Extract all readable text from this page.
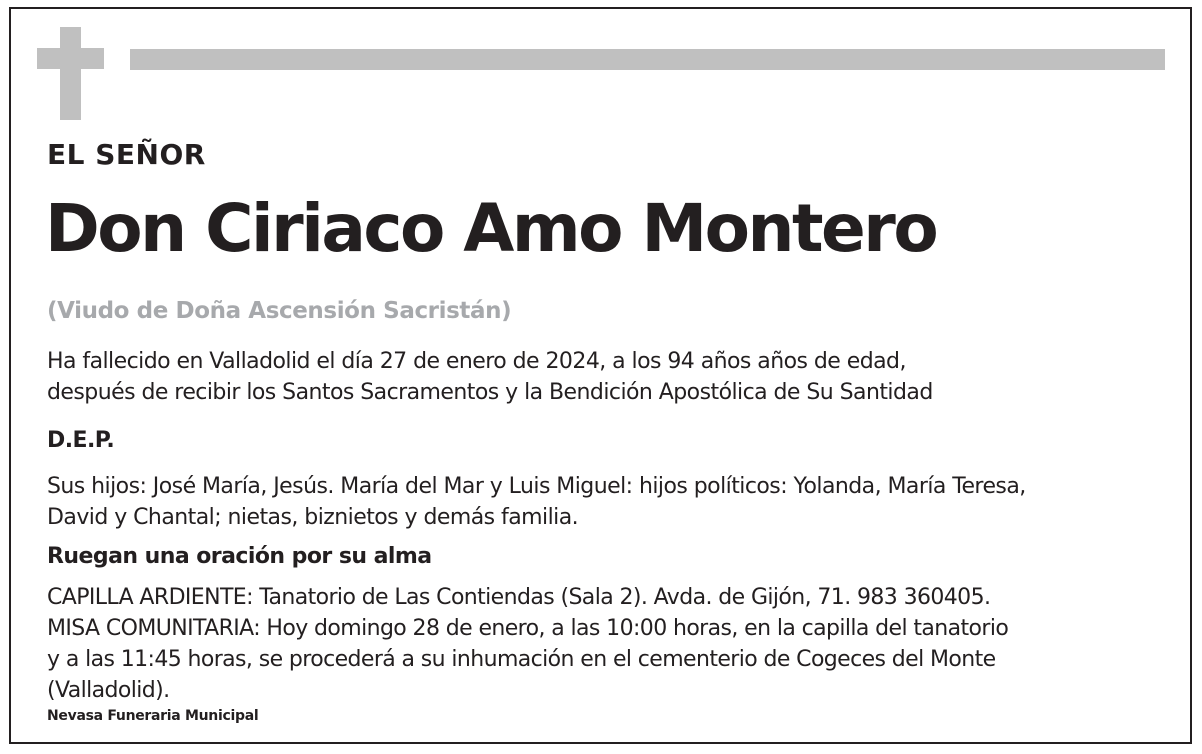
EL SEÑOR

Don Ciriaco Amo Montero

(Viudo de Doña Ascensión Sacristán)

Ha fallecido en Valladolid el día 27 de enero de 2024, a los 94 años años de edad,
después de recibir los Santos Sacramentos y la Bendición Apostólica de Su Santidad

D.E.P.

Sus hijos: José María, Jesús. María del Mar y Luis Miguel: hijos políticos: Yolanda, María Teresa,
David y Chantal; nietas, biznietos y demás familia.

Ruegan una oración por su alma

CAPILLA ARDIENTE: Tanatorio de Las Contiendas (Sala 2). Avda. de Gijón, 71. 983 360405.
MISA COMUNITARIA: Hoy domingo 28 de enero, a las 10:00 horas, en la capilla del tanatorio
y a las 11:45 horas, se procederá a su inhumación en el cementerio de Cogeces del Monte
(Valladolid).

Nevasa Funeraria Municipal
